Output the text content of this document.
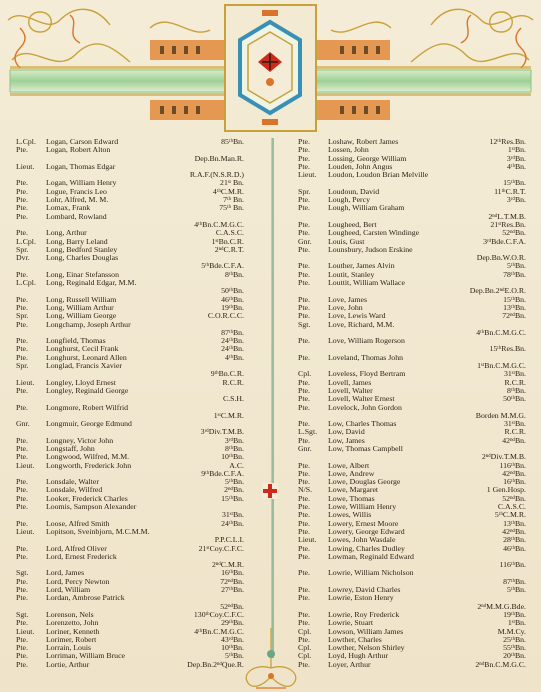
L.Cpl.	Logan, Carson Edward	85ᵗʰBn.
Pte.	Logan, Robert Alton
Dep.Bn.Man.R.
Lieut.	Logan, Thomas Edgar
R.A.F.(N.S.R.D.)
Pte.	Logan, William Henry	21ˢᵗ Bn.
Pte.	Logue, Francis Leo	4ᵗʰC.M.R.
Pte.	Lohr, Alfred, M. M.	7ᵗʰ Bn.
Pte.	Lomax, Frank	75ᵗʰ Bn.
Pte.	Lombard, Rowland
4ᵗʰBn.C.M.G.C.
Pte.	Long, Arthur	C.A.S.C.
L.Cpl.	Long, Barry Leland	1ˢᵗBn.C.R.
Spr.	Long, Bedford Stanley	2ⁿᵈC.R.T.
Dvr.	Long, Charles Douglas
5ᵗʰBde.C.F.A.
Pte.	Long, Einar Stefansson	8ᵗʰBn.
L.Cpl.	Long, Reginald Edgar, M.M.
50ᵗʰBn.
Pte.	Long, Russell William	46ᵗʰBn.
Pte.	Long, William Arthur	19ᵗʰBn.
Spr.	Long, William George	C.O.R.C.C.
Pte.	Longchamp, Joseph Arthur
87ᵗʰBn.
Pte.	Longfield, Thomas	24ᵗʰBn.
Pte.	Longhurst, Cecil Frank	24ᵗʰBn.
Pte.	Longhurst, Leonard Allen	4ᵗʰBn.
Spr.	Longlad, Francis Xavier
9ᵗʰBn.C.R.
Lieut.	Longley, Lloyd Ernest	R.C.R.
Pte.	Longley, Reginald George
C.S.H.
Pte.	Longmore, Robert Wilfrid
1ˢᵗC.M.R.
Gnr.	Longmuir, George Edmund
3ʳᵈDiv.T.M.B.
Pte.	Longney, Victor John	3ʳᵈBn.
Pte.	Longstaff, John	8ᵗʰBn.
Pte.	Longwood, Wilfred, M.M.	10ᵗʰBn.
Lieut.	Longworth, Frederick John	A.C.
9ᵗʰBde.C.F.A.
Pte.	Lonsdale, Walter	5ᵗʰBn.
Pte.	Lonsdale, Wilfred	2ⁿᵈBn.
Pte.	Looker, Frederick Charles	15ᵗʰBn.
Pte.	Loomis, Sampson Alexander
31ˢᵗBn.
Pte.	Loose, Alfred Smith	24ᵗʰBn.
Lieut.	Lopitson, Sveinbjorn, M.C.M.M.
P.P.C.L.I.
Pte.	Lord, Alfred Oliver	21ˢᵗCoy.C.F.C.
Pte.	Lord, Ernest Frederick
2ⁿᵈC.M.R.
Sgt.	Lord, James	16ᵗʰBn.
Pte.	Lord, Percy Newton	72ⁿᵈBn.
Pte.	Lord, William	27ᵗʰBn.
Pte.	Lordan, Ambrose Patrick
52ⁿᵈBn.
Sgt.	Lorenson, Nels	130ᵗʰCoy.C.F.C.
Pte.	Lorenzetto, John	29ᵗʰBn.
Lieut.	Loriner, Kenneth	4ᵗʰBn.C.M.G.C.
Pte.	Lorimer, Robert	43ʳᵈBn.
Pte.	Lorrain, Louis	10ᵗʰBn.
Pte.	Lorriman, William Bruce	5ᵗʰBn.
Pte.	Lortie, Arthur	Dep.Bn.2ⁿᵈQue.R.
Pte.	Loshaw, Robert James	12ᵗʰRes.Bn.
Pte.	Lossen, John	1ˢᵗBn.
Pte.	Lossing, George William	3ʳᵈBn.
Pte.	Louden, John Angus	4ᵗʰBn.
Lieut.	Loudon, Loudon Brian Melville
15ᵗʰBn.
Spr.	Loudoun, David	11ᵗʰC.R.T.
Pte.	Lough, Percy	3ʳᵈBn.
Pte.	Lough, William Graham
2ⁿᵈL.T.M.B.
Pte.	Lougheed, Bert	21ˢᵗRes.Bn.
Pte.	Lougheed, Carsten Windinge	52ⁿᵈBn.
Gnr.	Louis, Gust	3ʳᵈBde.C.F.A.
Pte.	Lounsbury, Judson Erskine
Dep.Bn.W.O.R.
Pte.	Louther, James Alvin	5ᵗʰBn.
Pte.	Loutit, Stanley	78ᵗʰBn.
Pte.	Louttit, William Wallace
Dep.Bn.2ⁿᵈE.O.R.
Pte.	Love, James	15ᵗʰBn.
Pte.	Love, John	13ᵗʰBn.
Pte.	Love, Lewis Ward	72ⁿᵈBn.
Sgt.	Love, Richard, M.M.
4ᵗʰBn.C.M.G.C.
Pte.	Love, William Rogerson
15ᵗʰRes.Bn.
Pte.	Loveland, Thomas John
1ˢᵗBn.C.M.G.C.
Cpl.	Loveless, Floyd Bertram	31ˢᵗBn.
Pte.	Lovell, James	R.C.R.
Pte.	Lovell, Walter	8ᵗʰBn.
Pte.	Lovell, Walter Ernest	50ᵗʰBn.
Pte.	Lovelock, John Gordon
Borden M.M.G.
Pte.	Low, Charles Thomas	31ˢᵗBn.
L.Sgt.	Low, David	R.C.R.
Pte.	Low, James	42ⁿᵈBn.
Gnr.	Low, Thomas Campbell
2ⁿᵈDiv.T.M.B.
Pte.	Lowe, Albert	116ᵗʰBn.
Pte.	Lowe, Andrew	42ⁿᵈBn.
Pte.	Lowe, Douglas George	16ᵗʰBn.
N/S.	Lowe, Margaret	1 Gen.Hosp.
Pte.	Lowe, Thomas	52ⁿᵈBn.
Pte.	Lowe, William Henry	C.A.S.C.
Pte.	Lowes, Willis	5ᵗʰC.M.R.
Pte.	Lowery, Ernest Moore	13ᵗʰBn.
Pte.	Lowery, George Edward	42ⁿᵈBn.
Lieut.	Lowes, John Wasdale	28ᵗʰBn.
Pte.	Lowing, Charles Dudley	46ᵗʰBn.
Pte.	Lowman, Reginald Edward
116ᵗʰBn.
Pte.	Lowrie, William Nicholson
87ᵗʰBn.
Pte.	Lowrey, David Charles	5ᵗʰBn.
Pte.	Lowrie, Eston Henry
2ⁿᵈM.M.G.Bde.
Pte.	Lowrie, Roy Frederick	19ᵗʰBn.
Pte.	Lowrie, Stuart	1ˢᵗBn.
Cpl.	Lowson, William James	M.M.Cy.
Pte.	Lowther, Charles	25ᵗʰBn.
Cpl.	Lowther, Nelson Shirley	55ᵗʰBn.
Cpl.	Loyd, Hugh Arthur	20ᵗʰBn.
Pte.	Loyer, Arthur	2ⁿᵈBn.C.M.G.C.
